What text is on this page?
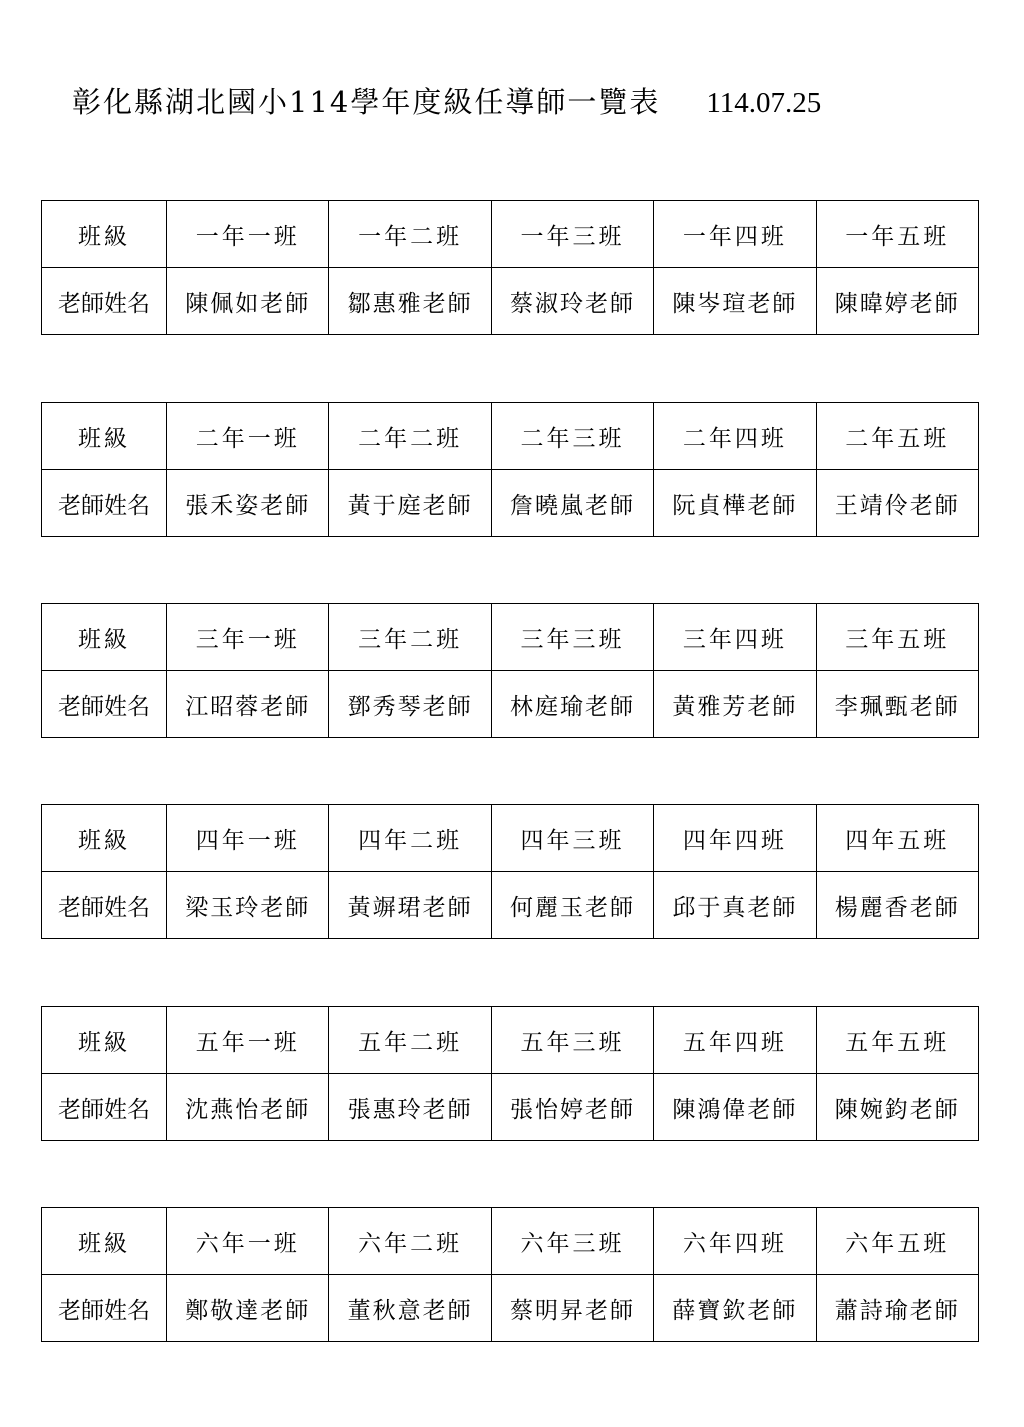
彰化縣湖北國小114學年度級任導師一覽表 114.07.25
班級	一年一班	一年二班	一年三班	一年四班	一年五班
老師姓名	陳佩如老師	鄒惠雅老師	蔡淑玲老師	陳岑瑄老師	陳暐婷老師
班級	二年一班	二年二班	二年三班	二年四班	二年五班
老師姓名	張禾姿老師	黃于庭老師	詹曉嵐老師	阮貞樺老師	王靖伶老師
班級	三年一班	三年二班	三年三班	三年四班	三年五班
老師姓名	江昭蓉老師	鄧秀琴老師	林庭瑜老師	黃雅芳老師	李珮甄老師
班級	四年一班	四年二班	四年三班	四年四班	四年五班
老師姓名	梁玉玲老師	黃竮珺老師	何麗玉老師	邱于真老師	楊麗香老師
班級	五年一班	五年二班	五年三班	五年四班	五年五班
老師姓名	沈燕怡老師	張惠玲老師	張怡婷老師	陳鴻偉老師	陳婉鈞老師
班級	六年一班	六年二班	六年三班	六年四班	六年五班
老師姓名	鄭敬達老師	董秋意老師	蔡明昇老師	薛寶欽老師	蕭詩瑜老師
